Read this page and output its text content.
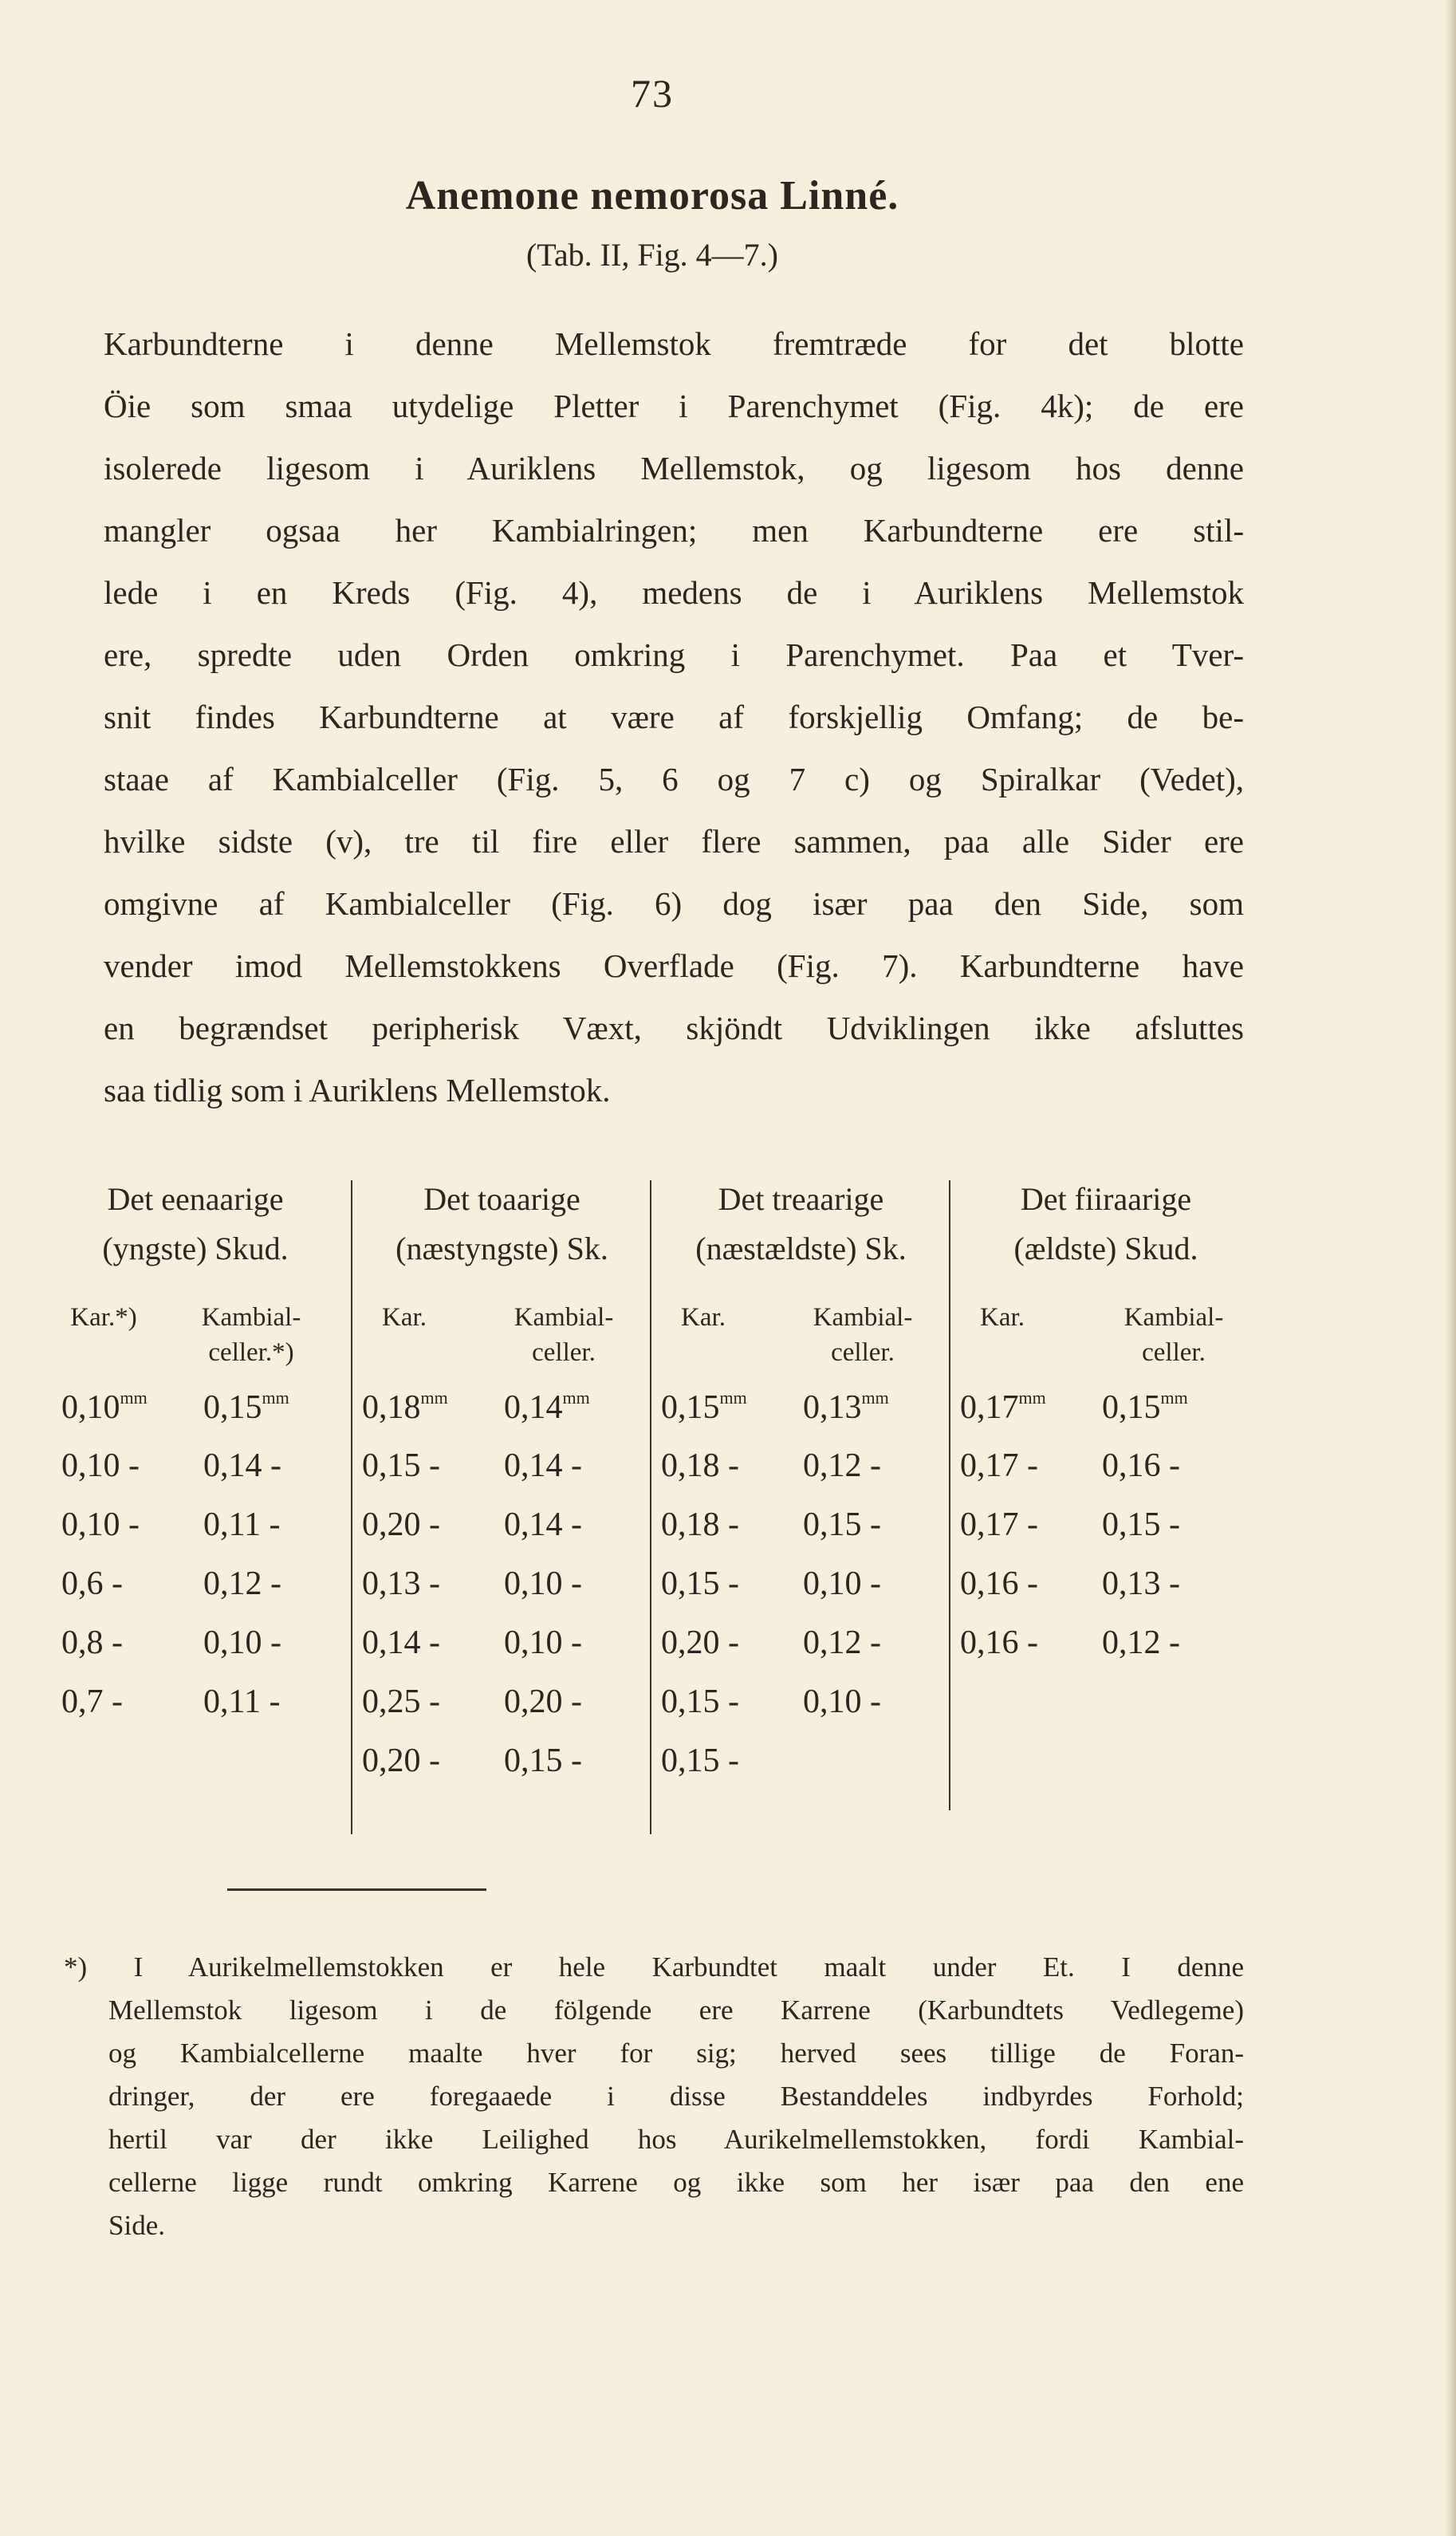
73
Anemone nemorosa Linné.
(Tab. II, Fig. 4—7.)
Karbundterne i denne Mellemstok fremtræde for det blotte
Öie som smaa utydelige Pletter i Parenchymet (Fig. 4k); de ere
isolerede ligesom i Auriklens Mellemstok, og ligesom hos denne
mangler ogsaa her Kambialringen; men Karbundterne ere stil-
lede i en Kreds (Fig. 4), medens de i Auriklens Mellemstok
ere, spredte uden Orden omkring i Parenchymet. Paa et Tver-
snit findes Karbundterne at være af forskjellig Omfang; de be-
staae af Kambialceller (Fig. 5, 6 og 7 c) og Spiralkar (Vedet),
hvilke sidste (v), tre til fire eller flere sammen, paa alle Sider ere
omgivne af Kambialceller (Fig. 6) dog især paa den Side, som
vender imod Mellemstokkens Overflade (Fig. 7). Karbundterne have
en begrændset peripherisk Væxt, skjöndt Udviklingen ikke afsluttes
saa tidlig som i Auriklens Mellemstok.
Det eenaarige
(yngste) Skud.
Kar.*)	Kambial-celler.*)
$0,10^{mm}$ $0,15^{mm}$
0,10 - 0,14 -
0,10 - 0,11 -
0,6 - 0,12 -
0,8 - 0,10 -
0,7 - 0,11 -
Det toaarige
(næstyngste) Sk.
Kar.	Kambial-celler.
$0,18^{mm}$ $0,14^{mm}$
0,15 - 0,14 -
0,20 - 0,14 -
0,13 - 0,10 -
0,14 - 0,10 -
0,25 - 0,20 -
0,20 - 0,15 -
Det treaarige
(næstældste) Sk.
Kar.	Kambial-celler.
$0,15^{mm}$ $0,13^{mm}$
0,18 - 0,12 -
0,18 - 0,15 -
0,15 - 0,10 -
0,20 - 0,12 -
0,15 - 0,10 -
0,15 -
Det fiiraarige
(ældste) Skud.
Kar.	Kambial-celler.
$0,17^{mm}$ $0,15^{mm}$
0,17 - 0,16 -
0,17 - 0,15 -
0,16 - 0,13 -
0,16 - 0,12 -
*) I Aurikelmellemstokken er hele Karbundtet maalt under Et. I denne
Mellemstok ligesom i de fölgende ere Karrene (Karbundtets Vedlegeme)
og Kambialcellerne maalte hver for sig; herved sees tillige de Foran-
dringer, der ere foregaaede i disse Bestanddeles indbyrdes Forhold;
hertil var der ikke Leilighed hos Aurikelmellemstokken, fordi Kambial-
cellerne ligge rundt omkring Karrene og ikke som her især paa den ene
Side.
